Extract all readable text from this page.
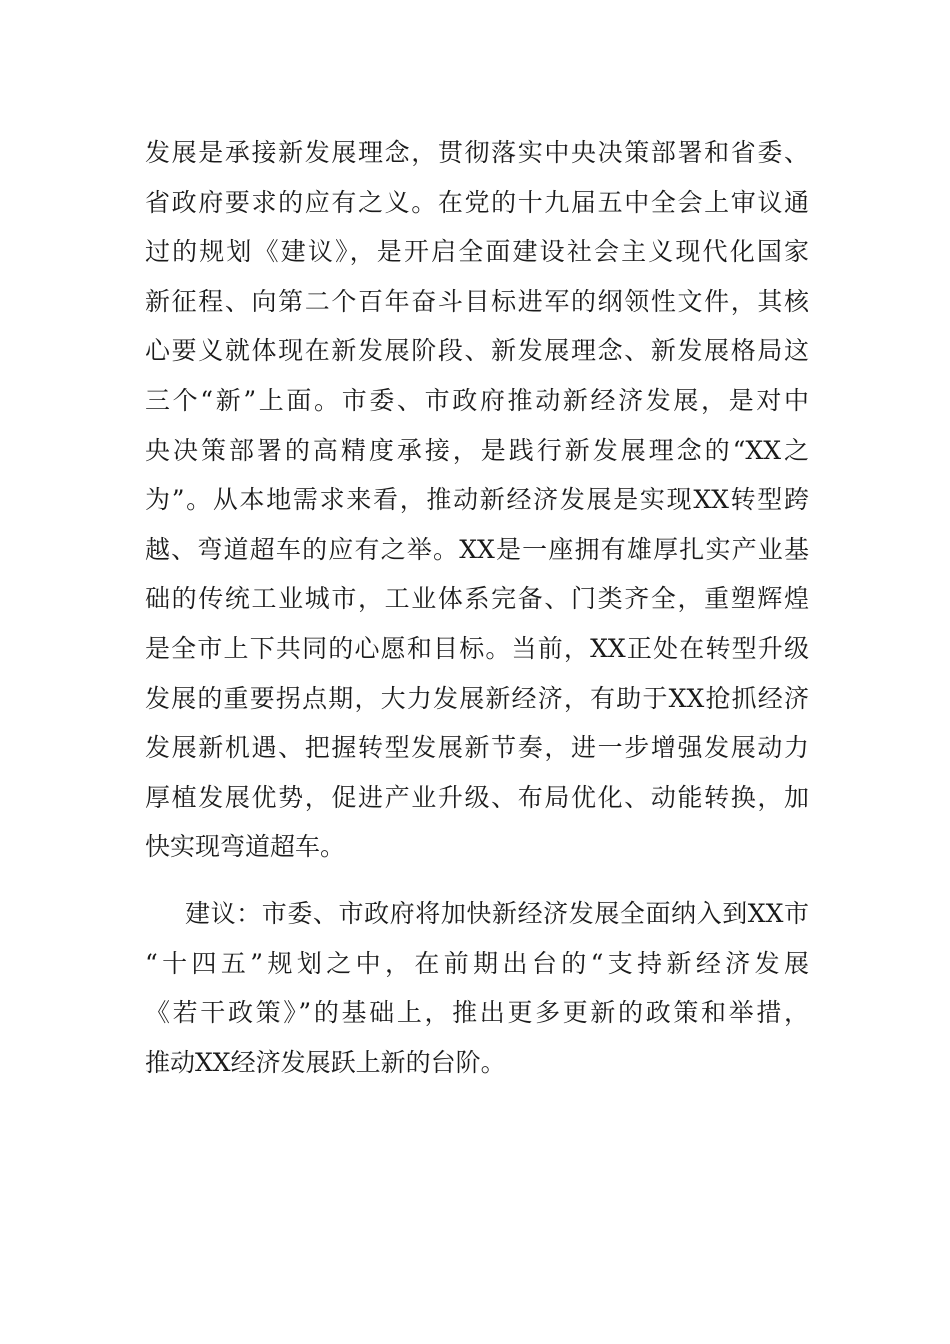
发展是承接新发展理念，贯彻落实中央决策部署和省委、
省政府要求的应有之义。在党的十九届五中全会上审议通
过的规划《建议》，是开启全面建设社会主义现代化国家
新征程、向第二个百年奋斗目标进军的纲领性文件，其核
心要义就体现在新发展阶段、新发展理念、新发展格局这
三个“新”上面。市委、市政府推动新经济发展，是对中
央决策部署的高精度承接，是践行新发展理念的“XX之
为”。从本地需求来看，推动新经济发展是实现XX转型跨
越、弯道超车的应有之举。XX是一座拥有雄厚扎实产业基
础的传统工业城市，工业体系完备、门类齐全，重塑辉煌
是全市上下共同的心愿和目标。当前，XX正处在转型升级
发展的重要拐点期，大力发展新经济，有助于XX抢抓经济
发展新机遇、把握转型发展新节奏，进一步增强发展动力
厚植发展优势，促进产业升级、布局优化、动能转换，加
快实现弯道超车。
建议：市委、市政府将加快新经济发展全面纳入到XX市
“十四五”规划之中，在前期出台的“支持新经济发展
《若干政策》”的基础上，推出更多更新的政策和举措，
推动XX经济发展跃上新的台阶。
